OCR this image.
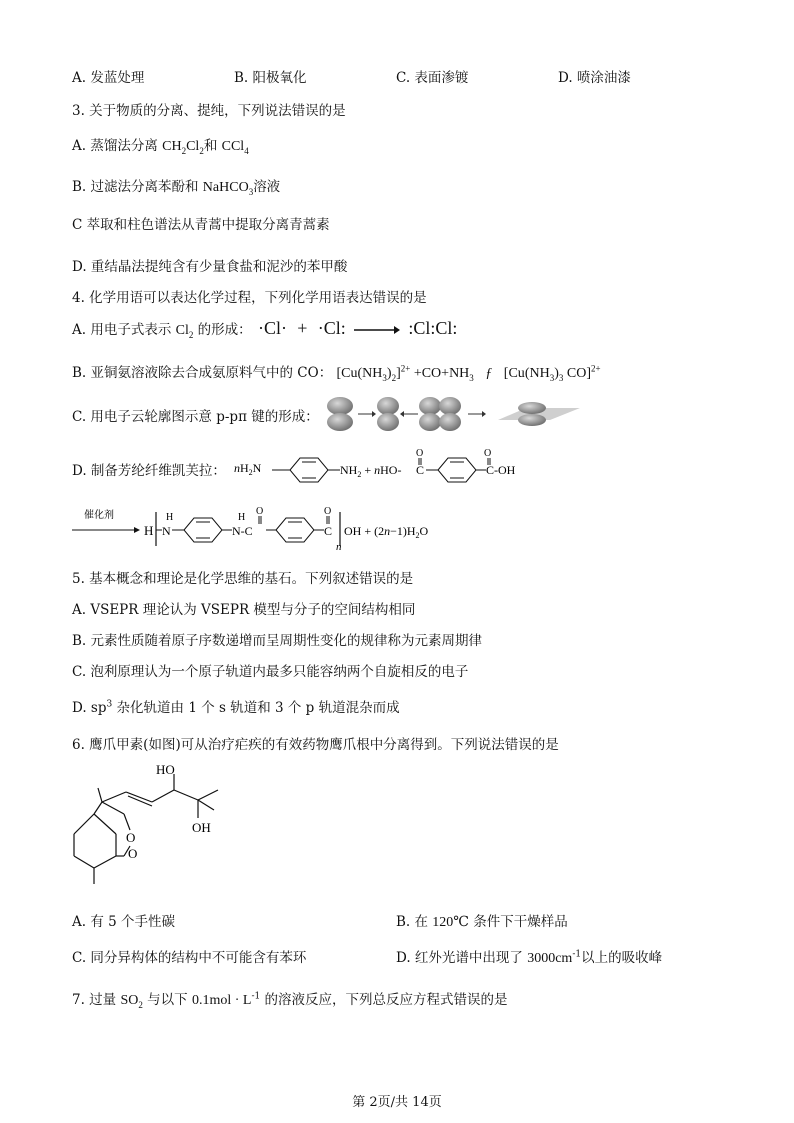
A. 发蓝处理	B. 阳极氧化	C. 表面渗镀	D. 喷涂油漆
3. 关于物质的分离、提纯，下列说法错误的是
A. 蒸馏法分离 $CH_2Cl_2$和 CCl$_4$
B. 过滤法分离苯酚和 NaHCO$_3$溶液
C 萃取和柱色谱法从青蒿中提取分离青蒿素
D. 重结晶法提纯含有少量食盐和泥沙的苯甲酸
4. 化学用语可以表达化学过程，下列化学用语表达错误的是
A. 用电子式表示 $Cl_2$ 的形成： ·Cl· + ·Cl: → :Cl:Cl:
B. 亚铜氨溶液除去合成氨原料气中的 CO： $[Cu(NH_3)_2]^{2+} +CO+NH_3$ ƒ [$Cu(NH_3)_3$ CO]$^{2+}$
C. 用电子云轮廓图示意 p-pπ 键的形成：
D. 制备芳纶纤维凯芙拉： $nH_2N$	$NH_2 + nHO-$
O
C
O
C-OH
催化剂
H
H
N
H
N-C
O	O
C
n
OH + $(2n-1)H_2O$
5. 基本概念和理论是化学思维的基石。下列叙述错误的是
A. VSEPR 理论认为 VSEPR 模型与分子的空间结构相同
B. 元素性质随着原子序数递增而呈周期性变化的规律称为元素周期律
C. 泡利原理认为一个原子轨道内最多只能容纳两个自旋相反的电子
D. $sp^3$ 杂化轨道由 1 个 s 轨道和 3 个 p 轨道混杂而成
6. 鹰爪甲素(如图)可从治疗疟疾的有效药物鹰爪根中分离得到。下列说法错误的是
HO
OH
O
O
A. 有 5 个手性碳	B. 在 120℃ 条件下干燥样品
C. 同分异构体的结构中不可能含有苯环	D. 红外光谱中出现了 $3000cm^{-1}$以上的吸收峰
7. 过量 $SO_2$ 与以下 $0.1mol \cdot L^{-1}$ 的溶液反应，下列总反应方程式错误的是
第 2页/共 14页
